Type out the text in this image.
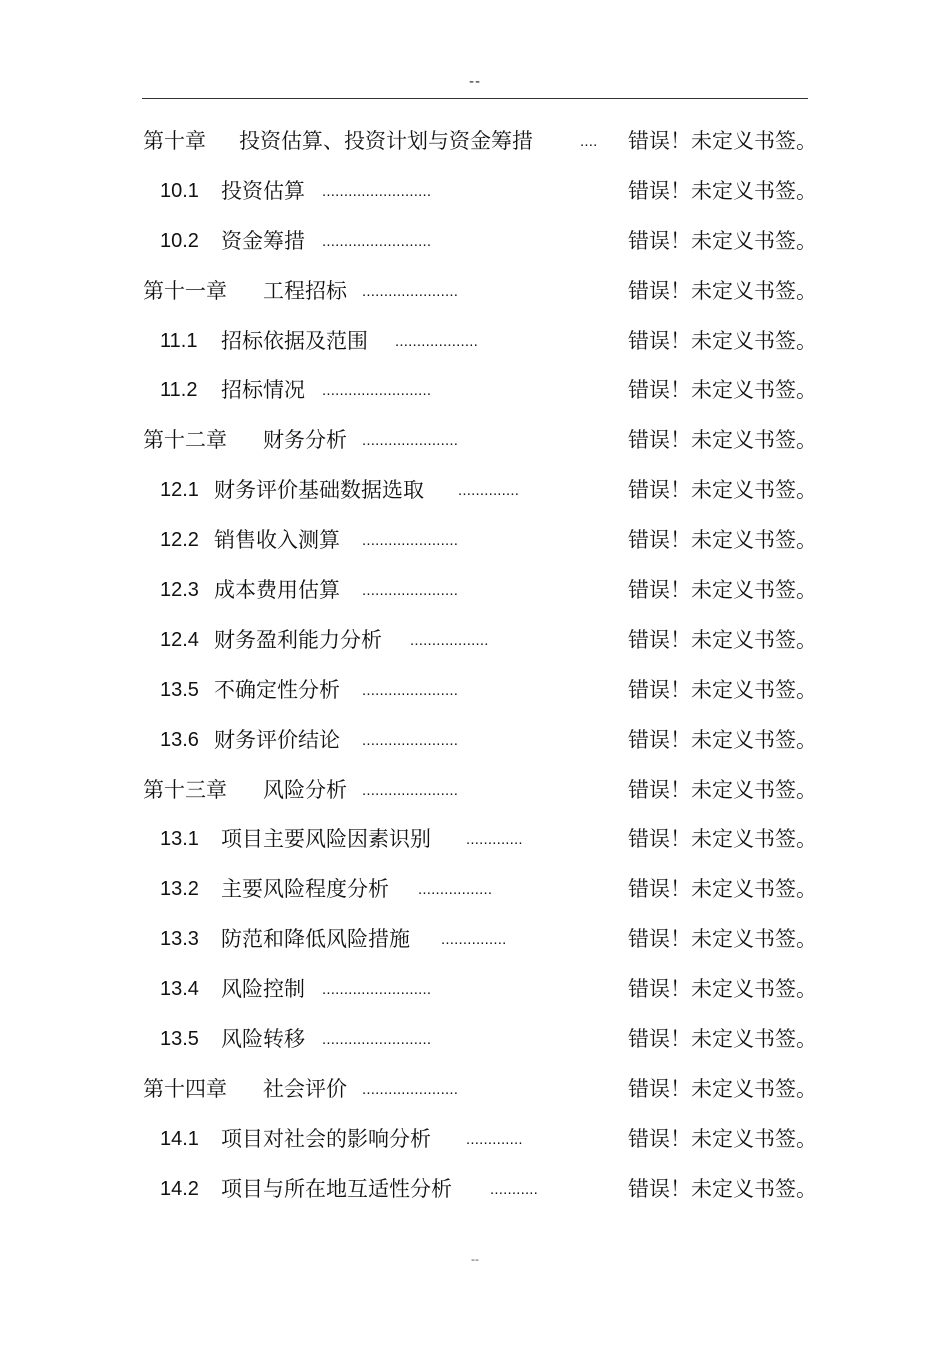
--
第十章 投资估算、投资计划与资金筹措	.... 错误！未定义书签。
10.1 投资估算 .........................	错误！未定义书签。
10.2 资金筹措 .........................	错误！未定义书签。
第十一章 工程招标 ......................	错误！未定义书签。
11.1 招标依据及范围 ...................	错误！未定义书签。
11.2 招标情况 .........................	错误！未定义书签。
第十二章 财务分析 ......................	错误！未定义书签。
12.1 财务评价基础数据选取 ..............	错误！未定义书签。
12.2 销售收入测算 ......................	错误！未定义书签。
12.3 成本费用估算 ......................	错误！未定义书签。
12.4 财务盈利能力分析 ..................	错误！未定义书签。
13.5 不确定性分析 ......................	错误！未定义书签。
13.6 财务评价结论 ......................	错误！未定义书签。
第十三章 风险分析 ......................	错误！未定义书签。
13.1 项目主要风险因素识别 .............	错误！未定义书签。
13.2 主要风险程度分析 .................	错误！未定义书签。
13.3 防范和降低风险措施 ...............	错误！未定义书签。
13.4 风险控制 .........................	错误！未定义书签。
13.5 风险转移 .........................	错误！未定义书签。
第十四章 社会评价 ......................	错误！未定义书签。
14.1 项目对社会的影响分析 .............	错误！未定义书签。
14.2 项目与所在地互适性分析	...........	错误！未定义书签。
--
